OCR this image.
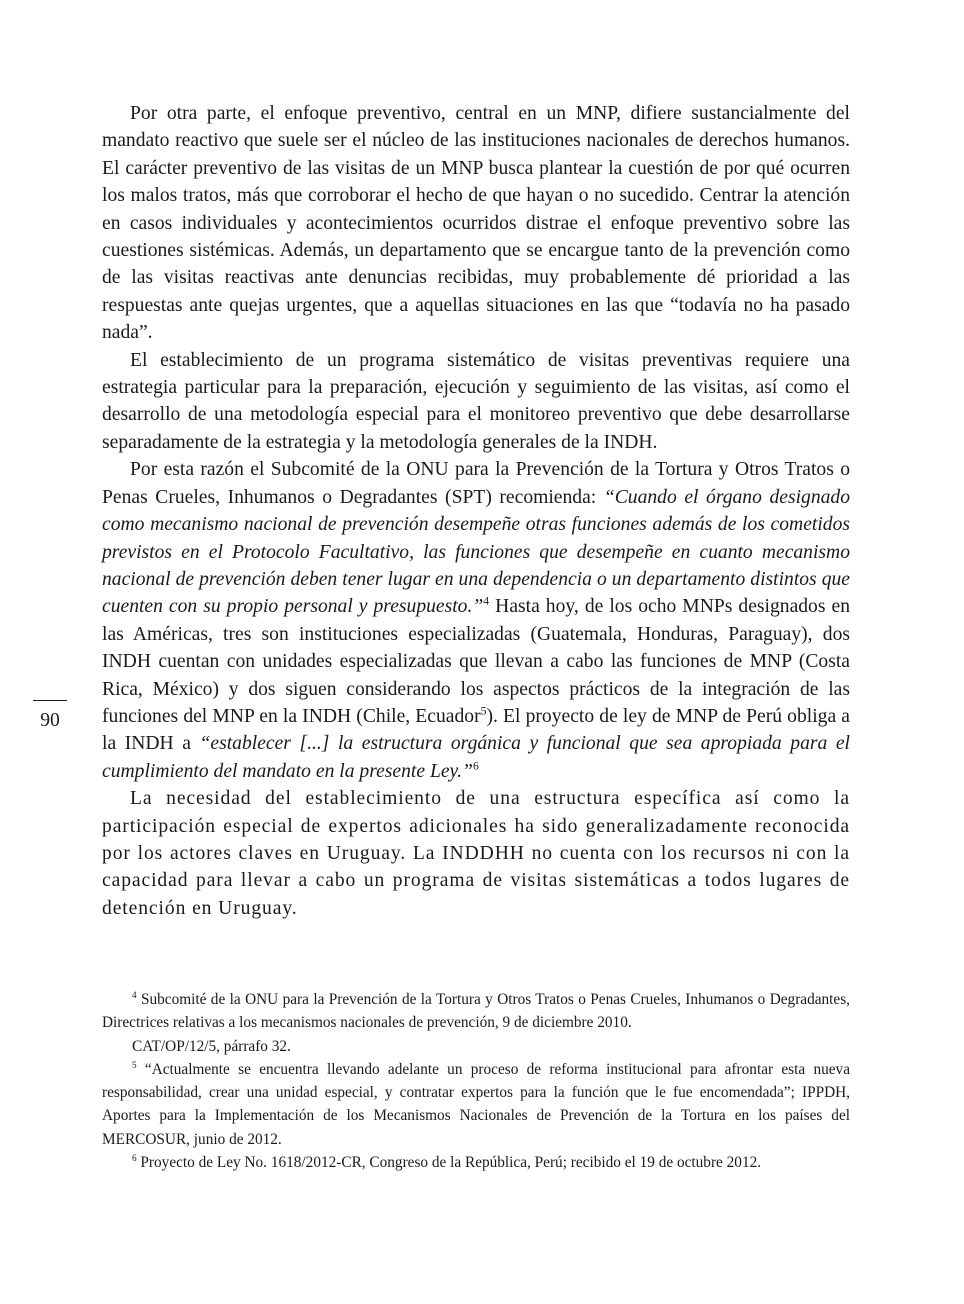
Por otra parte, el enfoque preventivo, central en un MNP, difiere sustancialmente del mandato reactivo que suele ser el núcleo de las instituciones nacionales de derechos humanos. El carácter preventivo de las visitas de un MNP busca plantear la cuestión de por qué ocurren los malos tratos, más que corroborar el hecho de que hayan o no sucedido. Centrar la atención en casos individuales y acontecimientos ocurridos distrae el enfoque preventivo sobre las cuestiones sistémicas. Además, un departamento que se encargue tanto de la prevención como de las visitas reactivas ante denuncias recibidas, muy probablemente dé prioridad a las respuestas ante quejas urgentes, que a aquellas situaciones en las que “todavía no ha pasado nada”.

El establecimiento de un programa sistemático de visitas preventivas requiere una estrategia particular para la preparación, ejecución y seguimiento de las visitas, así como el desarrollo de una metodología especial para el monitoreo preventivo que debe desarrollarse separadamente de la estrategia y la metodología generales de la INDH.

Por esta razón el Subcomité de la ONU para la Prevención de la Tortura y Otros Tratos o Penas Crueles, Inhumanos o Degradantes (SPT) recomienda: “Cuando el órgano designado como mecanismo nacional de prevención desempeñe otras funciones además de los cometidos previstos en el Protocolo Facultativo, las funciones que desempeñe en cuanto mecanismo nacional de prevención deben tener lugar en una dependencia o un departamento distintos que cuenten con su propio personal y presupuesto.”$^4$ Hasta hoy, de los ocho MNPs designados en las Américas, tres son instituciones especializadas (Guatemala, Honduras, Paraguay), dos INDH cuentan con unidades especializadas que llevan a cabo las funciones de MNP (Costa Rica, México) y dos siguen considerando los aspectos prácticos de la integración de las funciones del MNP en la INDH (Chile, Ecuador$^5$). El proyecto de ley de MNP de Perú obliga a la INDH a “establecer [...] la estructura orgánica y funcional que sea apropiada para el cumplimiento del mandato en la presente Ley.”$^6$

La necesidad del establecimiento de una estructura específica así como la participación especial de expertos adicionales ha sido generalizadamente reconocida por los actores claves en Uruguay. La INDDHH no cuenta con los recursos ni con la capacidad para llevar a cabo un programa de visitas sistemáticas a todos lugares de detención en Uruguay.

90

$^4$ Subcomité de la ONU para la Prevención de la Tortura y Otros Tratos o Penas Crueles, Inhumanos o Degradantes, Directrices relativas a los mecanismos nacionales de prevención, 9 de diciembre 2010.

CAT/OP/12/5, párrafo 32.

$^5$ “Actualmente se encuentra llevando adelante un proceso de reforma institucional para afrontar esta nueva responsabilidad, crear una unidad especial, y contratar expertos para la función que le fue encomendada”; IPPDH, Aportes para la Implementación de los Mecanismos Nacionales de Prevención de la Tortura en los países del MERCOSUR, junio de 2012.

$^6$ Proyecto de Ley No. 1618/2012-CR, Congreso de la República, Perú; recibido el 19 de octubre 2012.
